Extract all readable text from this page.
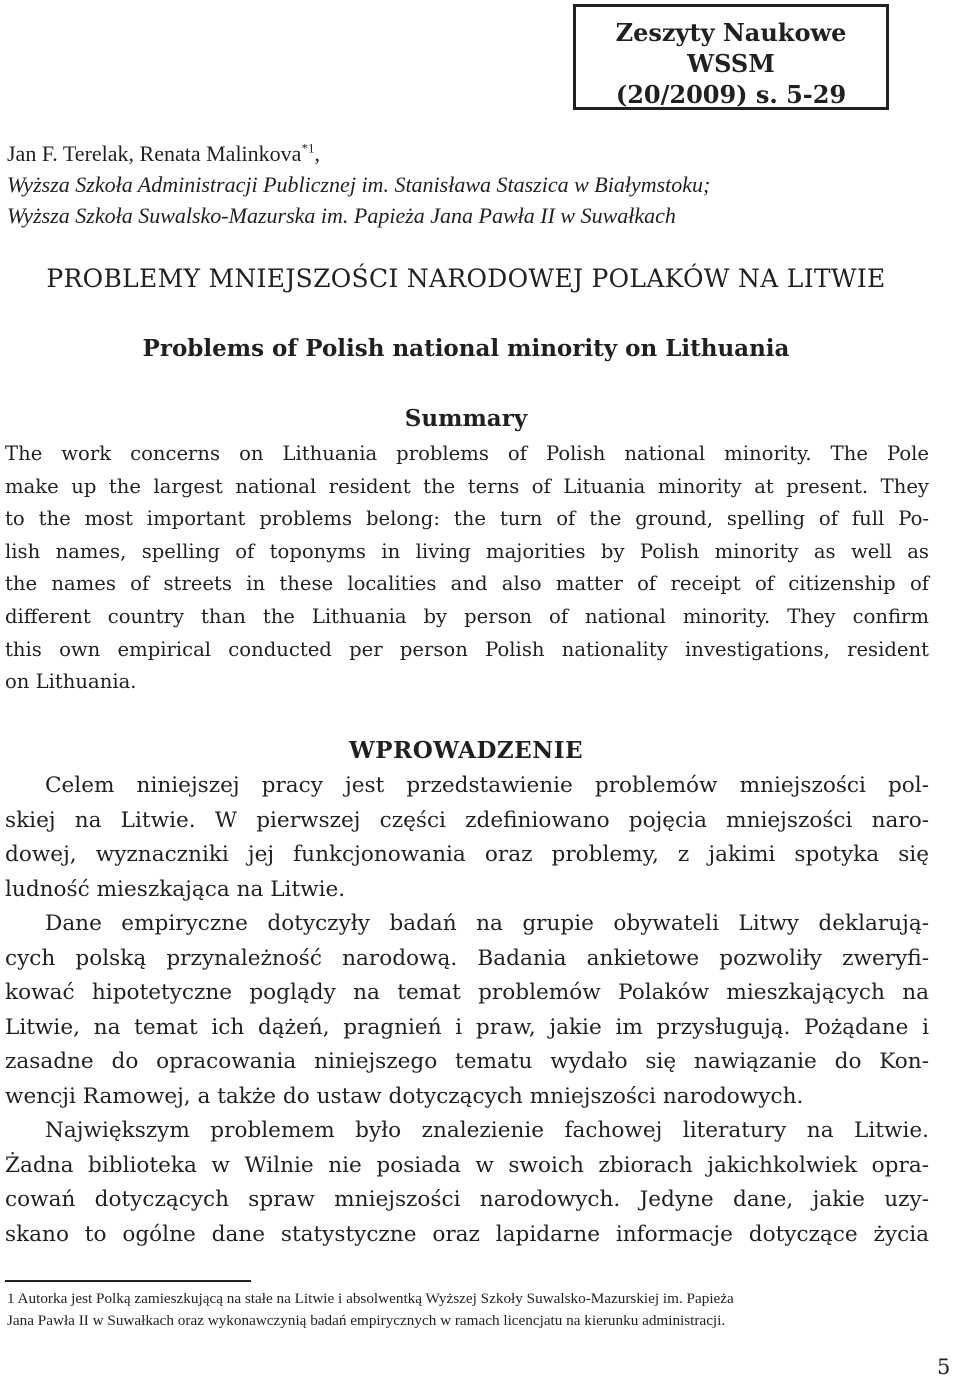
Zeszyty Naukowe
WSSM
(20/2009) s. 5-29
Jan F. Terelak, Renata Malinkova$^{*1}$,
Wyższa Szkoła Administracji Publicznej im. Stanisława Staszica w Białymstoku;
Wyższa Szkoła Suwalsko-Mazurska im. Papieża Jana Pawła II w Suwałkach
PROBLEMY MNIEJSZOŚCI NARODOWEJ POLAKÓW NA LITWIE
Problems of Polish national minority on Lithuania
Summary
The work concerns on Lithuania problems of Polish national minority. The Pole
make up the largest national resident the terns of Lituania minority at present. They
to the most important problems belong: the turn of the ground, spelling of full Po-
lish names, spelling of toponyms in living majorities by Polish minority as well as
the names of streets in these localities and also matter of receipt of citizenship of
different country than the Lithuania by person of national minority. They confirm
this own empirical conducted per person Polish nationality investigations, resident
on Lithuania.
WPROWADZENIE
Celem niniejszej pracy jest przedstawienie problemów mniejszości pol-
skiej na Litwie. W pierwszej części zdefiniowano pojęcia mniejszości naro-
dowej, wyznaczniki jej funkcjonowania oraz problemy, z jakimi spotyka się
ludność mieszkająca na Litwie.
Dane empiryczne dotyczyły badań na grupie obywateli Litwy deklarują-
cych polską przynależność narodową. Badania ankietowe pozwoliły zweryfi-
kować hipotetyczne poglądy na temat problemów Polaków mieszkających na
Litwie, na temat ich dążeń, pragnień i praw, jakie im przysługują. Pożądane i
zasadne do opracowania niniejszego tematu wydało się nawiązanie do Kon-
wencji Ramowej, a także do ustaw dotyczących mniejszości narodowych.
Największym problemem było znalezienie fachowej literatury na Litwie.
Żadna biblioteka w Wilnie nie posiada w swoich zbiorach jakichkolwiek opra-
cowań dotyczących spraw mniejszości narodowych. Jedyne dane, jakie uzy-
skano to ogólne dane statystyczne oraz lapidarne informacje dotyczące życia
1 Autorka jest Polką zamieszkującą na stałe na Litwie i absolwentką Wyższej Szkoły Suwalsko-Mazurskiej im. Papieża
Jana Pawła II w Suwałkach oraz wykonawczynią badań empirycznych w ramach licencjatu na kierunku administracji.
5
